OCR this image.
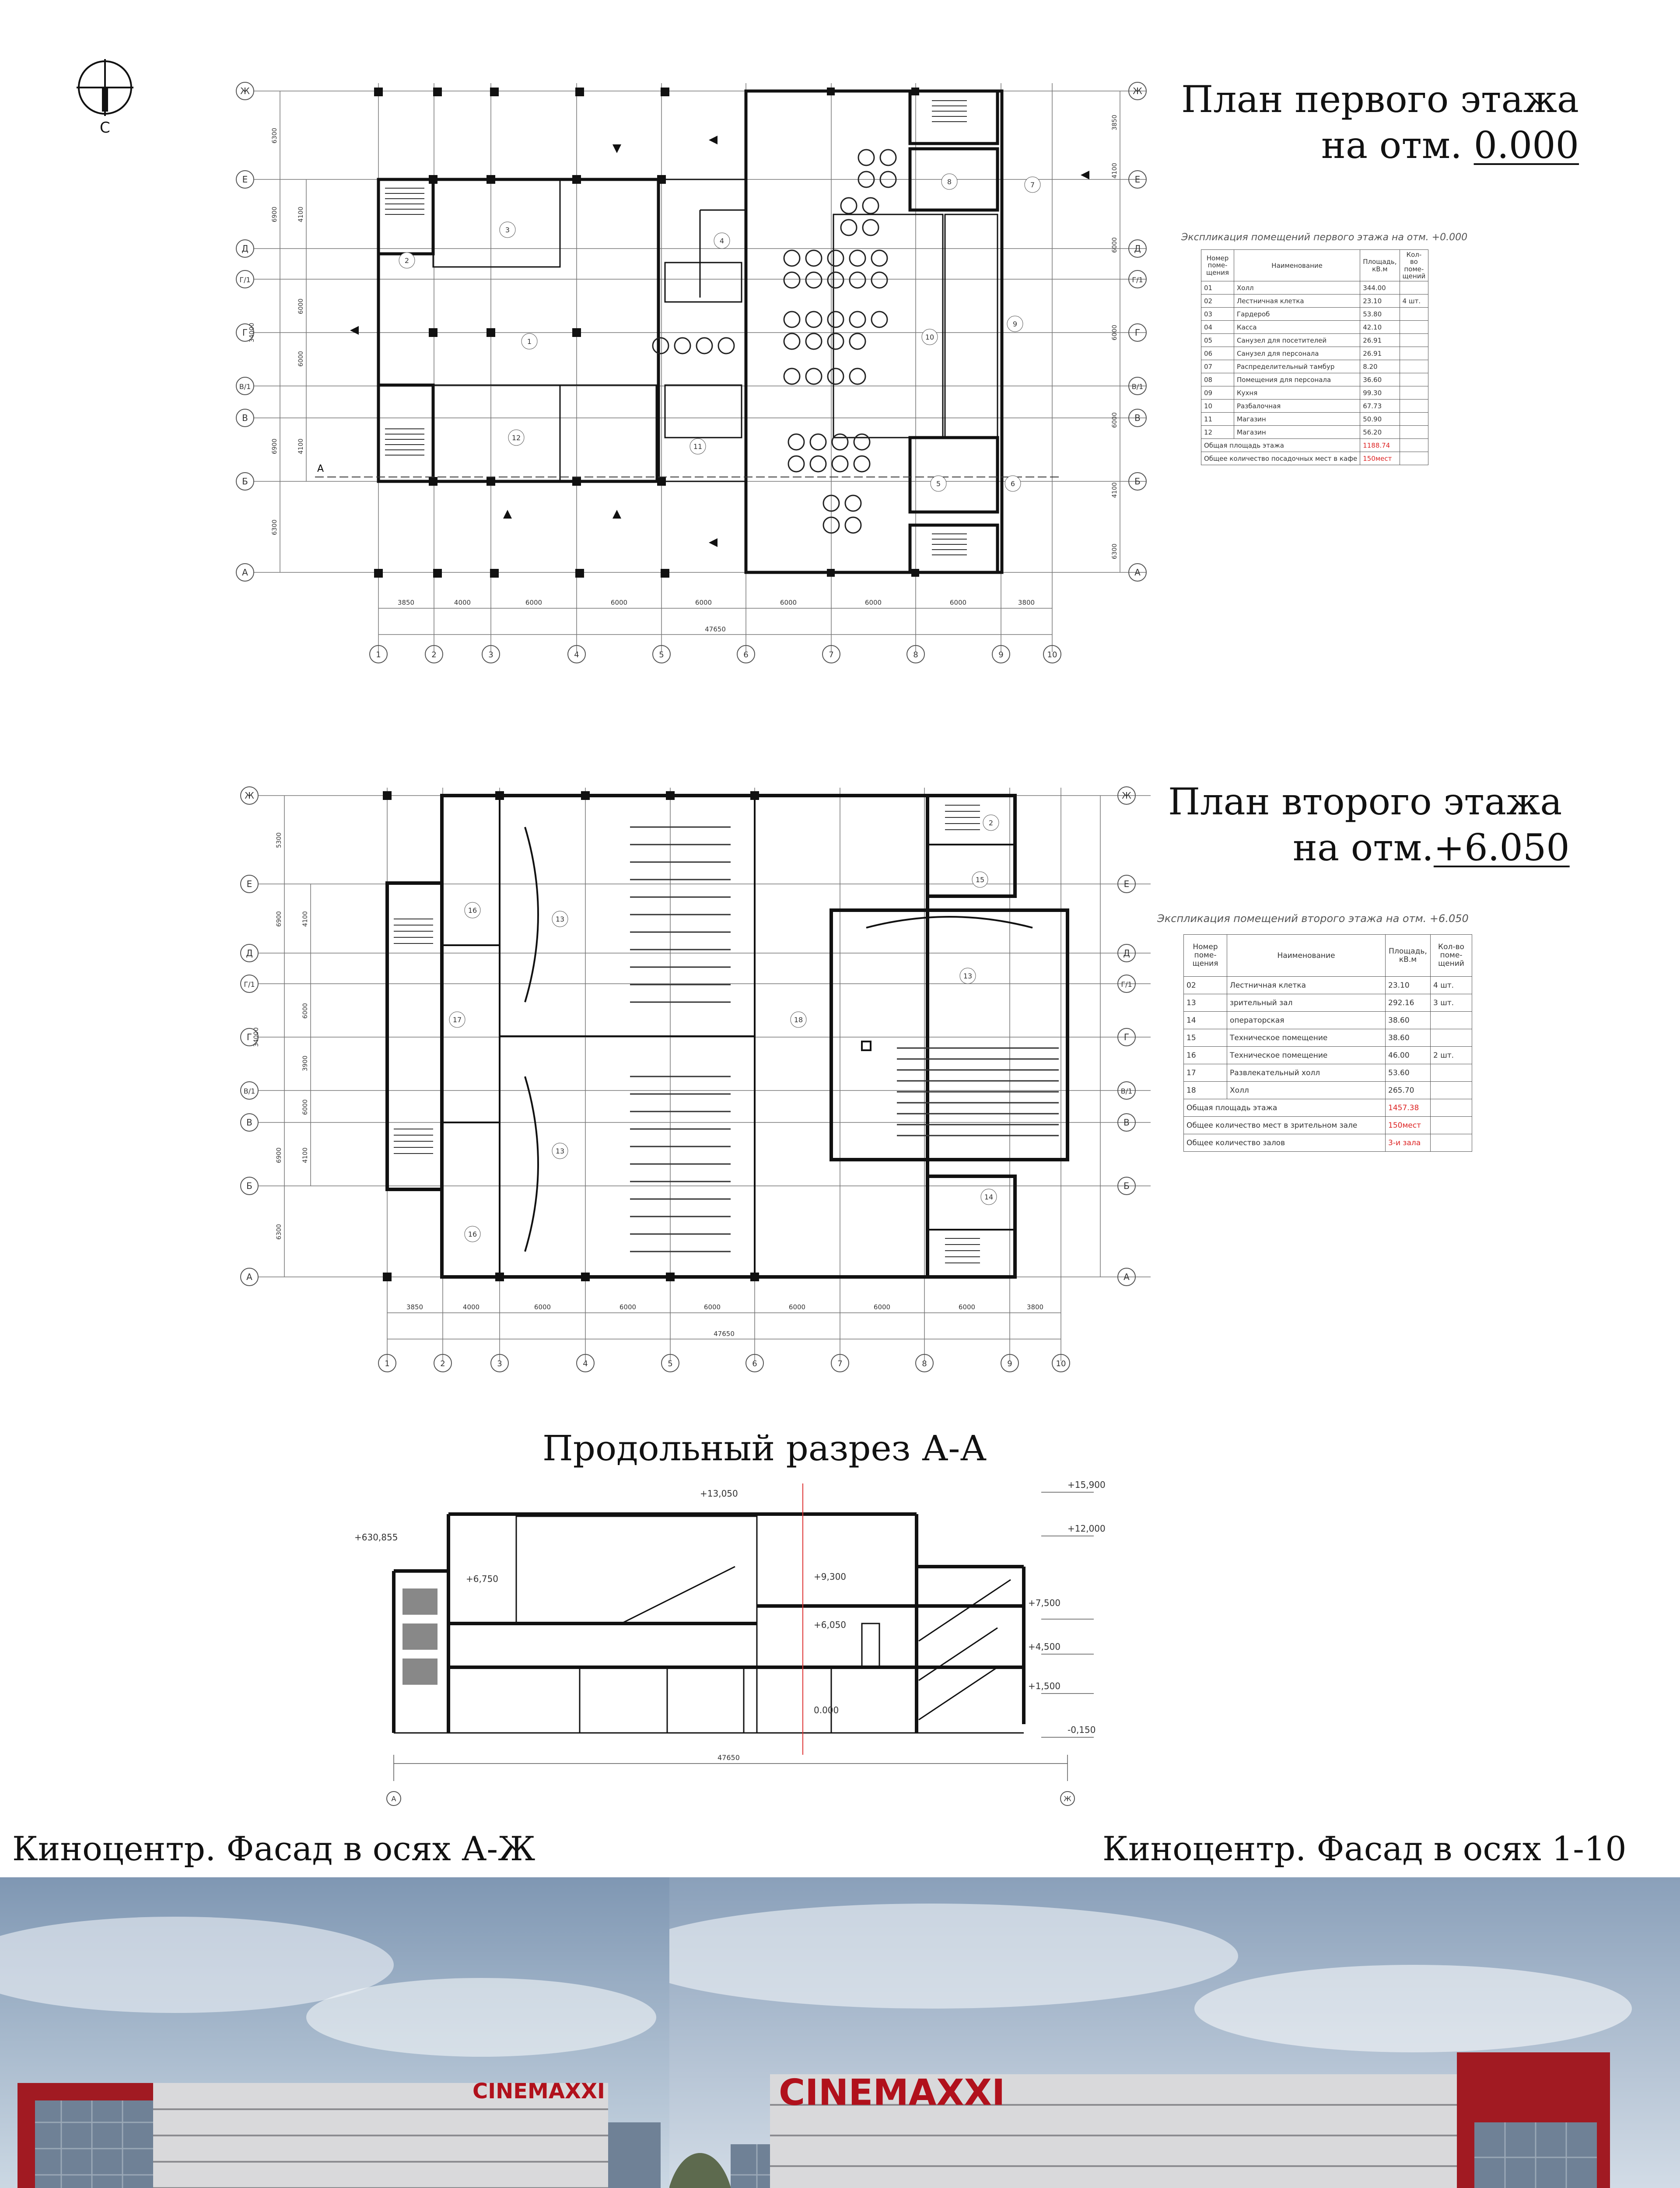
С
План первого этажа
на отм. 0.000
А
Ж
Е
Д
Г/1
Г
В/1
В
Б
А
Ж
Е
Д
Г/1
Г
В/1
В
Б
А
1	2	3	4	5	6	7	8	9	10
3850	4000	6000	6000	6000	6000	6000	6000	3800
47650
6300
6900	4100
6000
6000
4100
6900
6300
34000
3850
4100
6000
6000
6000
4100
6300
1
2
3
4
5	6
7
8
9
10
11
12
Экспликация помещений первого этажа на отм. +0.000
Номер поме- щения	Наименование	Площадь, кВ.м	Кол-во поме- щений
01	Холл	344.00	
02	Лестничная клетка	23.10	4 шт.
03	Гардероб	53.80	
04	Касса	42.10	
05	Санузел для посетителей	26.91	
06	Санузел для персонала	26.91	
07	Распределительный тамбур	8.20	
08	Помещения для персонала	36.60	
09	Кухня	99.30	
10	Разбалочная	67.73	
11	Магазин	50.90	
12	Магазин	56.20	
Общая площадь этажа		1188.74	
Общее количество посадочных мест в кафе		150мест	
План второго этажа
на отм.+6.050
Ж
Е
Д
Г/1
Г
В/1
В
Б
А
Ж
Е
Д
Г/1
Г
В/1
В
Б
А
1	2	3	4	5	6	7	8	9	10
3850	4000	6000	6000	6000	6000	6000	6000	3800
47650
5300
6900	4100
6000
3900
6000
4100
6900
6300
34000
2
13
13
13
14
15
16
16
17	18
Экспликация помещений второго этажа на отм. +6.050
Номер поме- щения	Наименование	Площадь, кВ.м	Кол-во поме- щений
02	Лестничная клетка	23.10	4 шт.
13	зрительный зал	292.16	3 шт.
14	операторская	38.60	
15	Техническое помещение	38.60	
16	Техническое помещение	46.00	2 шт.
17	Развлекательный холл	53.60	
18	Холл	265.70	
Общая площадь этажа		1457.38	
Общее количество мест в зрительном зале		150мест	
Общее количество залов		3-и зала	
Продольный разрез А-А
+15,900
+12,000
+9,300
+7,500
+6,050
+4,500
+1,500
0.000
-0,150
+630,855
+6,750
+13,050
47650
А	Ж
Киноцентр. Фасад в осях А-Ж	Киноцентр. Фасад в осях 1-10
CINEMAXXI	CINEMAXXI
